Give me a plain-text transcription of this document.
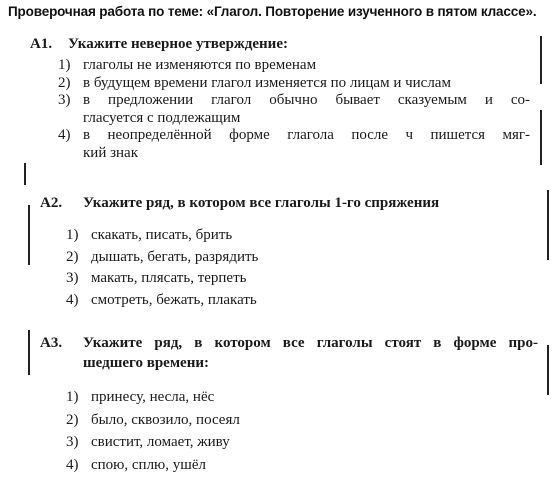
Проверочная работа по теме: «Глагол. Повторение изученного в пятом классе».
А1.	Укажите неверное утверждение:
1) глаголы не изменяются по временам
2) в будущем времени глагол изменяется по лицам и числам
3) в предложении глагол обычно бывает сказуемым и со-
гласуется с подлежащим
4) в неопределённой форме глагола после ч пишется мяг-
кий знак
А2.	Укажите ряд, в котором все глаголы 1-го спряжения
1) скакать, писать, брить
2) дышать, бегать, разрядить
3) макать, плясать, терпеть
4) смотреть, бежать, плакать
А3.	Укажите ряд, в котором все глаголы стоят в форме про-
шедшего времени:
1) принесу, несла, нёс
2) было, сквозило, посеял
3) свистит, ломает, живу
4) спою, сплю, ушёл
